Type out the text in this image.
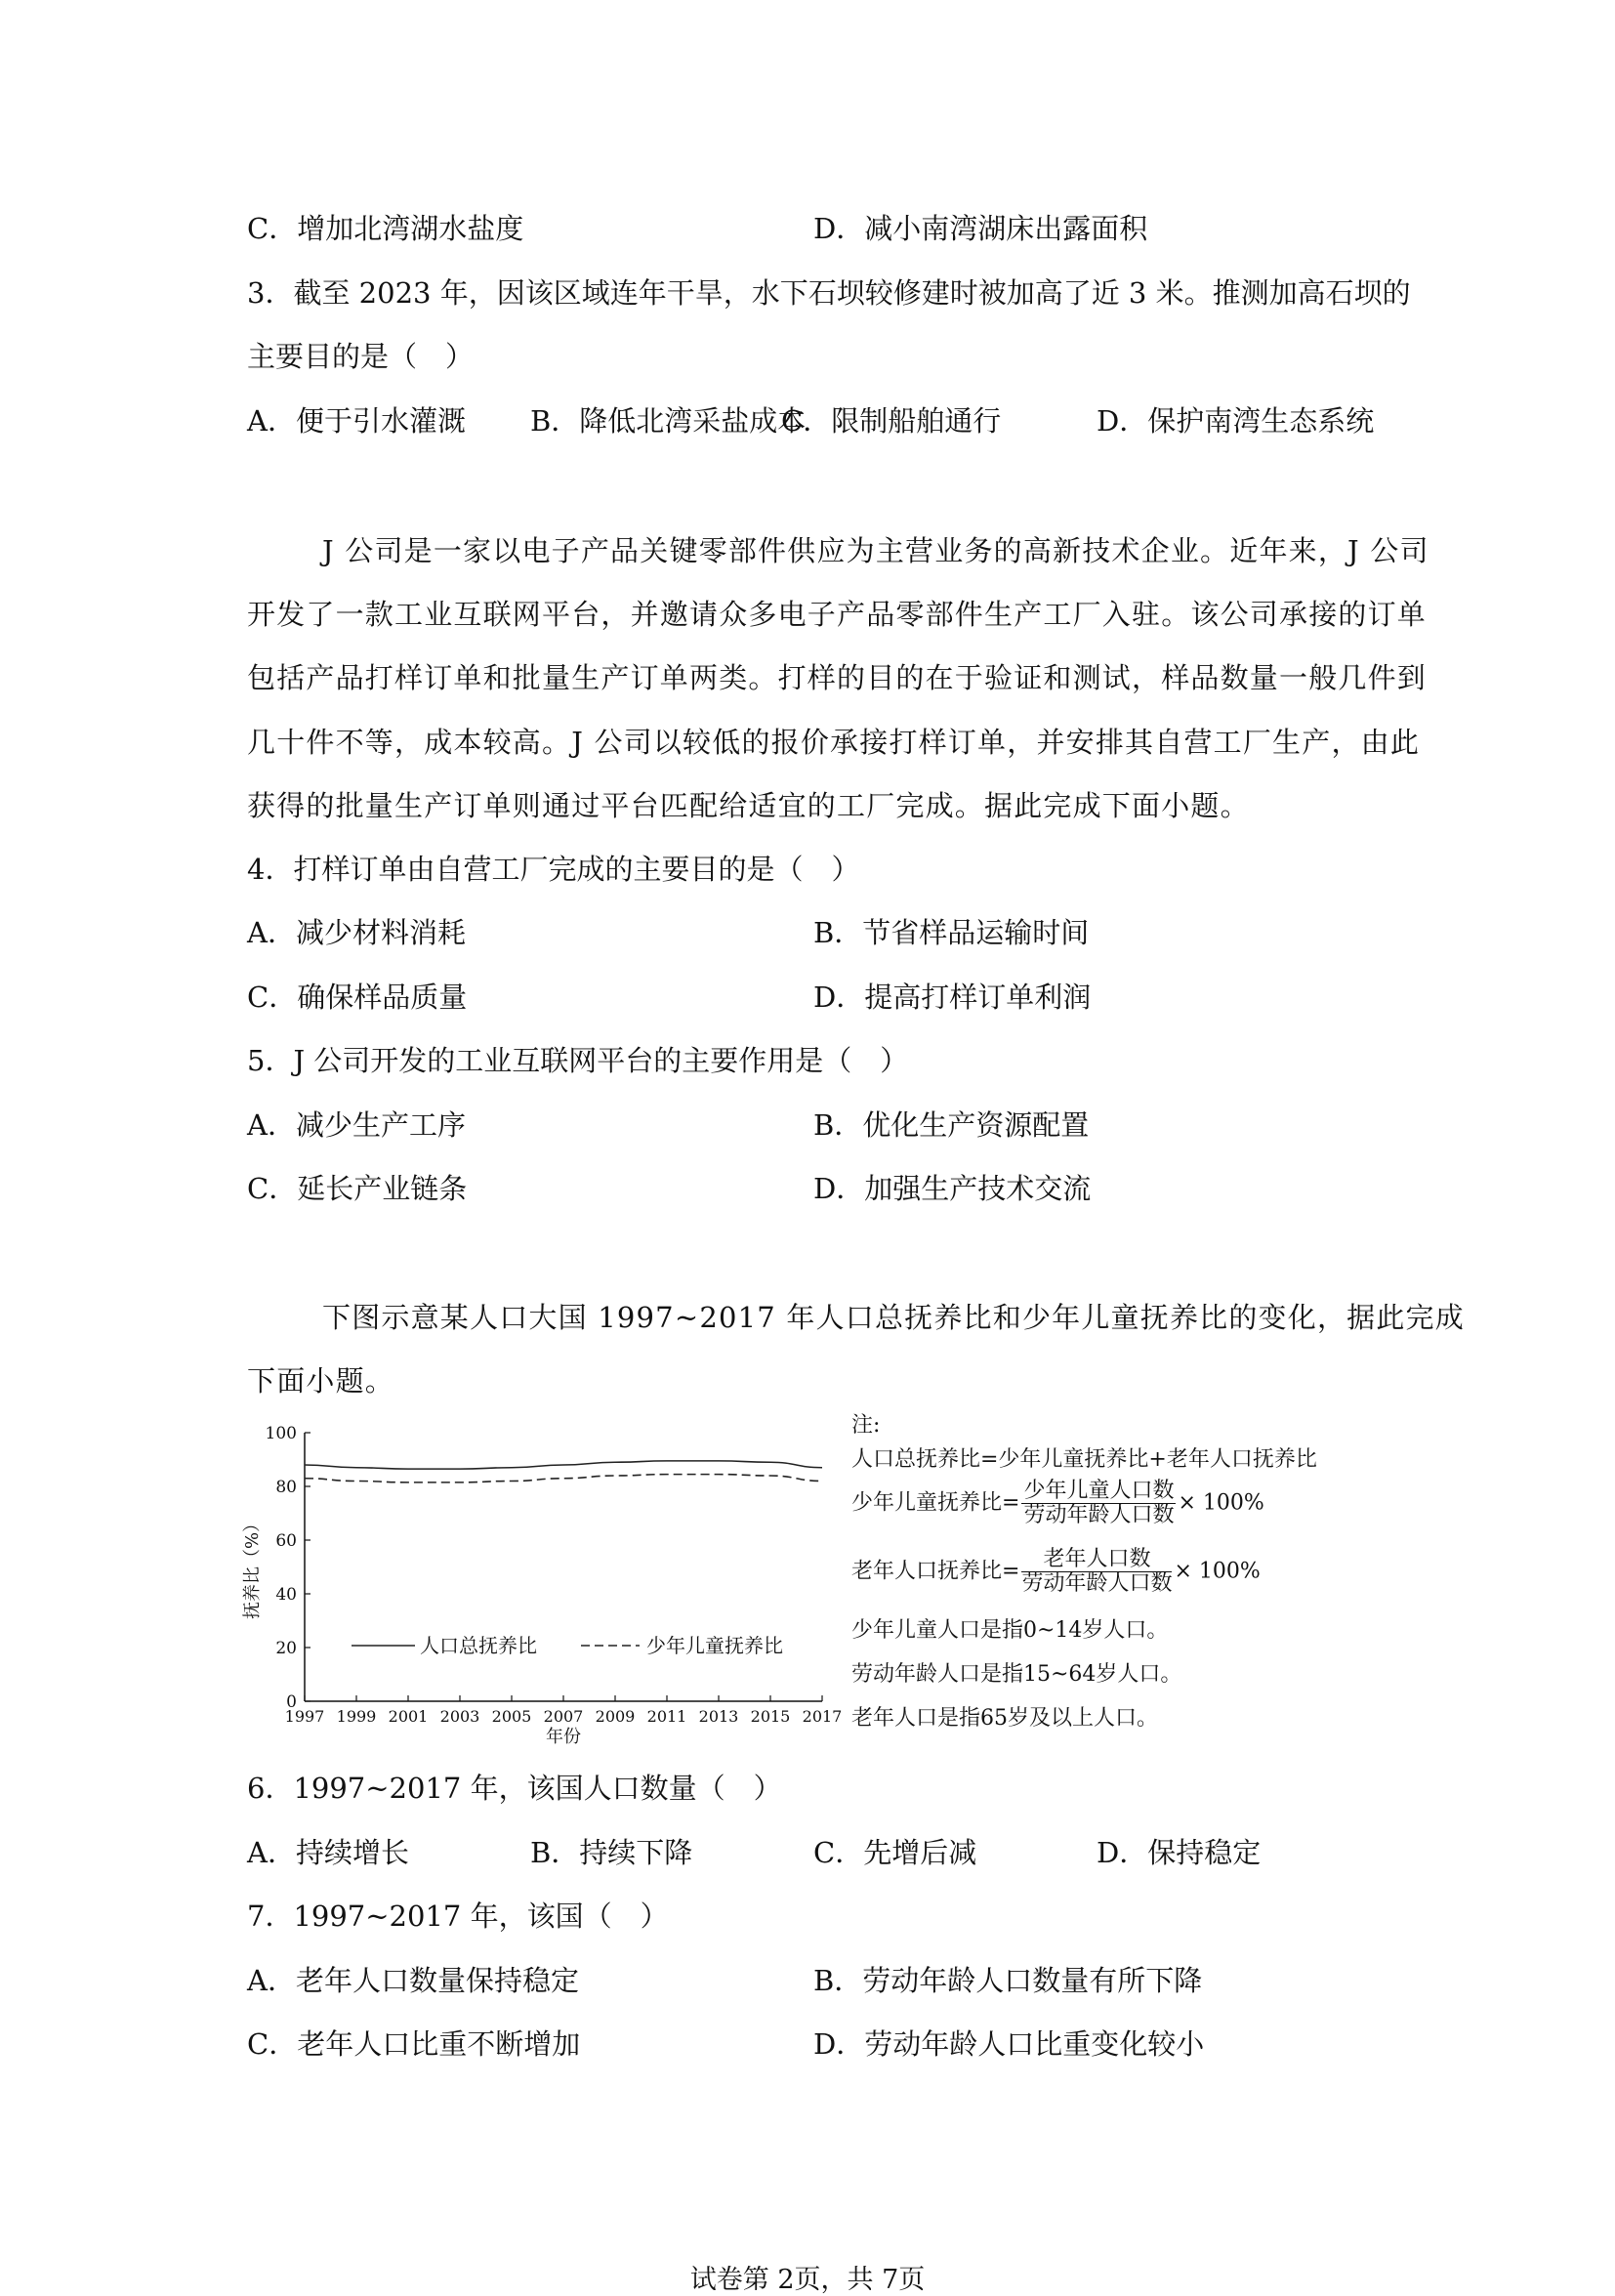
C．增加北湾湖水盐度	D．减小南湾湖床出露面积
3．截至 2023 年，因该区域连年干旱，水下石坝较修建时被加高了近 3 米。推测加高石坝的
主要目的是（　）
A．便于引水灌溉 B．降低北湾采盐成本
C．限制船舶通行	D．保护南湾生态系统
J 公司是一家以电子产品关键零部件供应为主营业务的高新技术企业。近年来，J 公司
开发了一款工业互联网平台，并邀请众多电子产品零部件生产工厂入驻。该公司承接的订单
包括产品打样订单和批量生产订单两类。打样的目的在于验证和测试，样品数量一般几件到
几十件不等，成本较高。J 公司以较低的报价承接打样订单，并安排其自营工厂生产，由此
获得的批量生产订单则通过平台匹配给适宜的工厂完成。据此完成下面小题。
4．打样订单由自营工厂完成的主要目的是（　）
A．减少材料消耗	B．节省样品运输时间
C．确保样品质量	D．提高打样订单利润
5．J 公司开发的工业互联网平台的主要作用是（　）
A．减少生产工序	B．优化生产资源配置
C．延长产业链条	D．加强生产技术交流
下图示意某人口大国 1997~2017 年人口总抚养比和少年儿童抚养比的变化，据此完成
下面小题。
0
20
40
60
80
100
1997 1999 2001 2003 2005 2007 2009 2011 2013 2015 2017
年份
抚养比（%）
人口总抚养比	少年儿童抚养比
注:
人口总抚养比=少年儿童抚养比+老年人口抚养比
少年儿童抚养比= $\frac{\text{少年儿童人口数}}{\text{劳动年龄人口数}} \times 100\%$
老年人口抚养比= $\frac{\text{老年人口数}}{\text{劳动年龄人口数}} \times 100\%$
少年儿童人口是指0~14岁人口。
劳动年龄人口是指15~64岁人口。
老年人口是指65岁及以上人口。
6．1997~2017 年，该国人口数量（　）
A．持续增长	B．持续下降	C．先增后减	D．保持稳定
7．1997~2017 年，该国（　）
A．老年人口数量保持稳定	B．劳动年龄人口数量有所下降
C．老年人口比重不断增加	D．劳动年龄人口比重变化较小
试卷第 2页，共 7页
